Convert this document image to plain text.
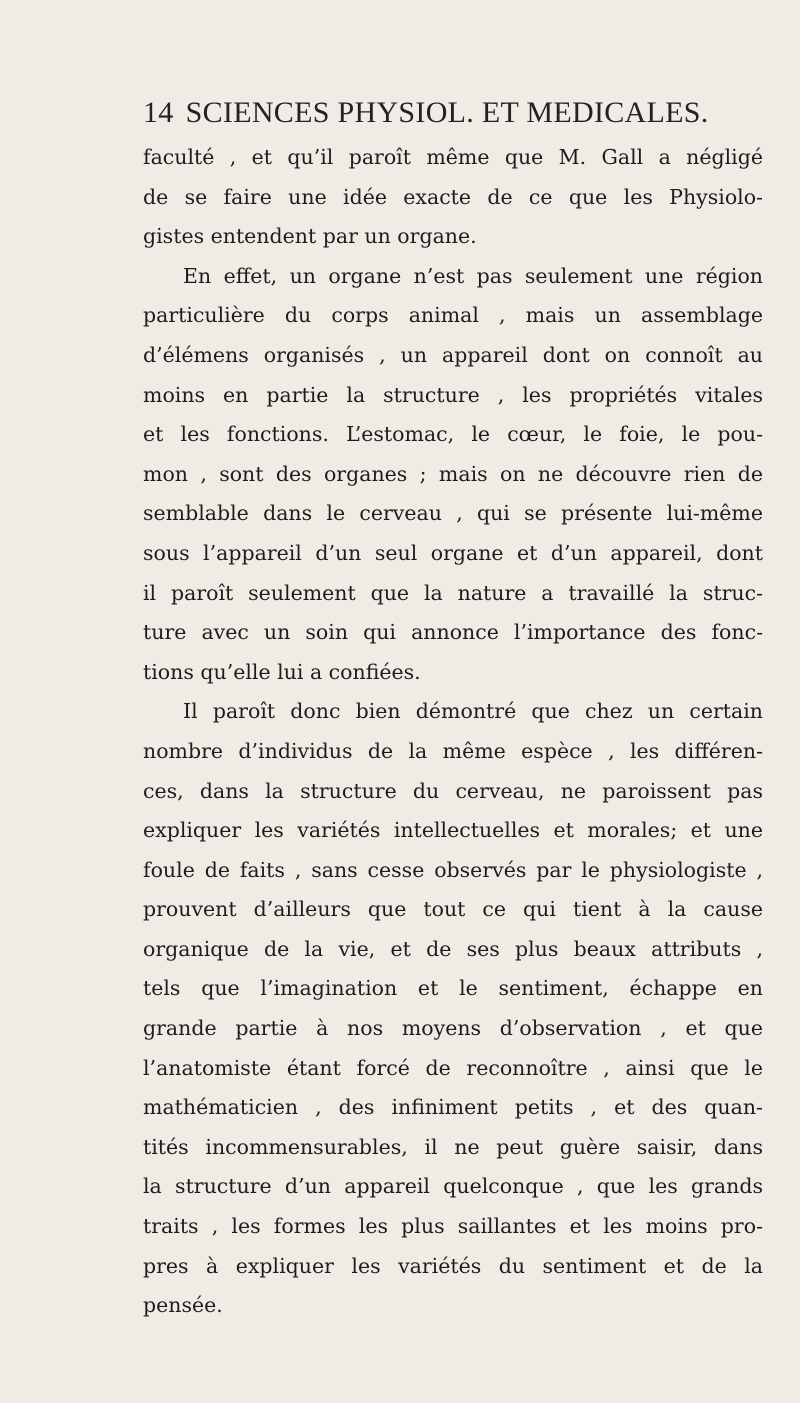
14 SCIENCES PHYSIOL. ET MEDICALES.
faculté , et qu’il paroît même que M. Gall a négligé
de se faire une idée exacte de ce que les Physiolo-
gistes entendent par un organe.
En effet, un organe n’est pas seulement une région
particulière du corps animal , mais un assemblage
d’élémens organisés , un appareil dont on connoît au
moins en partie la structure , les propriétés vitales
et les fonctions. L’estomac, le cœur, le foie, le pou-
mon , sont des organes ; mais on ne découvre rien de
semblable dans le cerveau , qui se présente lui-même
sous l’appareil d’un seul organe et d’un appareil, dont
il paroît seulement que la nature a travaillé la struc-
ture avec un soin qui annonce l’importance des fonc-
tions qu’elle lui a confiées.
Il paroît donc bien démontré que chez un certain
nombre d’individus de la même espèce , les différen-
ces, dans la structure du cerveau, ne paroissent pas
expliquer les variétés intellectuelles et morales; et une
foule de faits , sans cesse observés par le physiologiste ,
prouvent d’ailleurs que tout ce qui tient à la cause
organique de la vie, et de ses plus beaux attributs ,
tels que l’imagination et le sentiment, échappe en
grande partie à nos moyens d’observation , et que
l’anatomiste étant forcé de reconnoître , ainsi que le
mathématicien , des infiniment petits , et des quan-
tités incommensurables, il ne peut guère saisir, dans
la structure d’un appareil quelconque , que les grands
traits , les formes les plus saillantes et les moins pro-
pres à expliquer les variétés du sentiment et de la
pensée.
